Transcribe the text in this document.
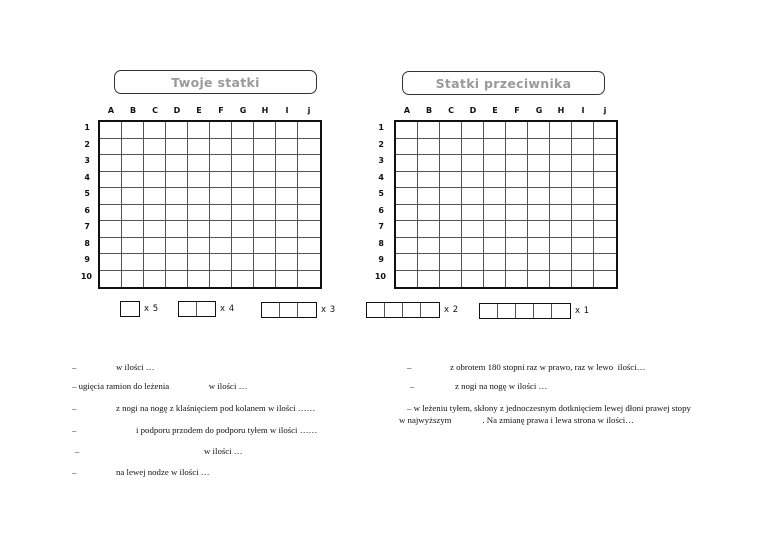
Twoje statki	Statki przeciwnika
A	B	C	D	E	F	G	H	I	j	A	B	C	D	E	F	G	H	I	j
1
2
3
4
5
6
7
8
9
10
1
2
3
4
5
6
7
8
9
10
x 5	x 4	x 3	x 2	x 1
–	w ilości …
– ugięcia ramion do leżenia                  w ilości …
–	z nogi na nogę z klaśnięciem pod kolanem w ilości ……
–	i podporu przodem do podporu tyłem w ilości ……
–	w ilości …
–	na lewej nodze w ilości …
–	z obrotem 180 stopni raz w prawo, raz w lewo  ilości…
–	z nogi na nogę w ilości …
– w leżeniu tyłem, skłony z jednoczesnym dotknięciem lewej dłoni prawej stopy
w najwyższym              . Na zmianę prawa i lewa strona w ilości…
